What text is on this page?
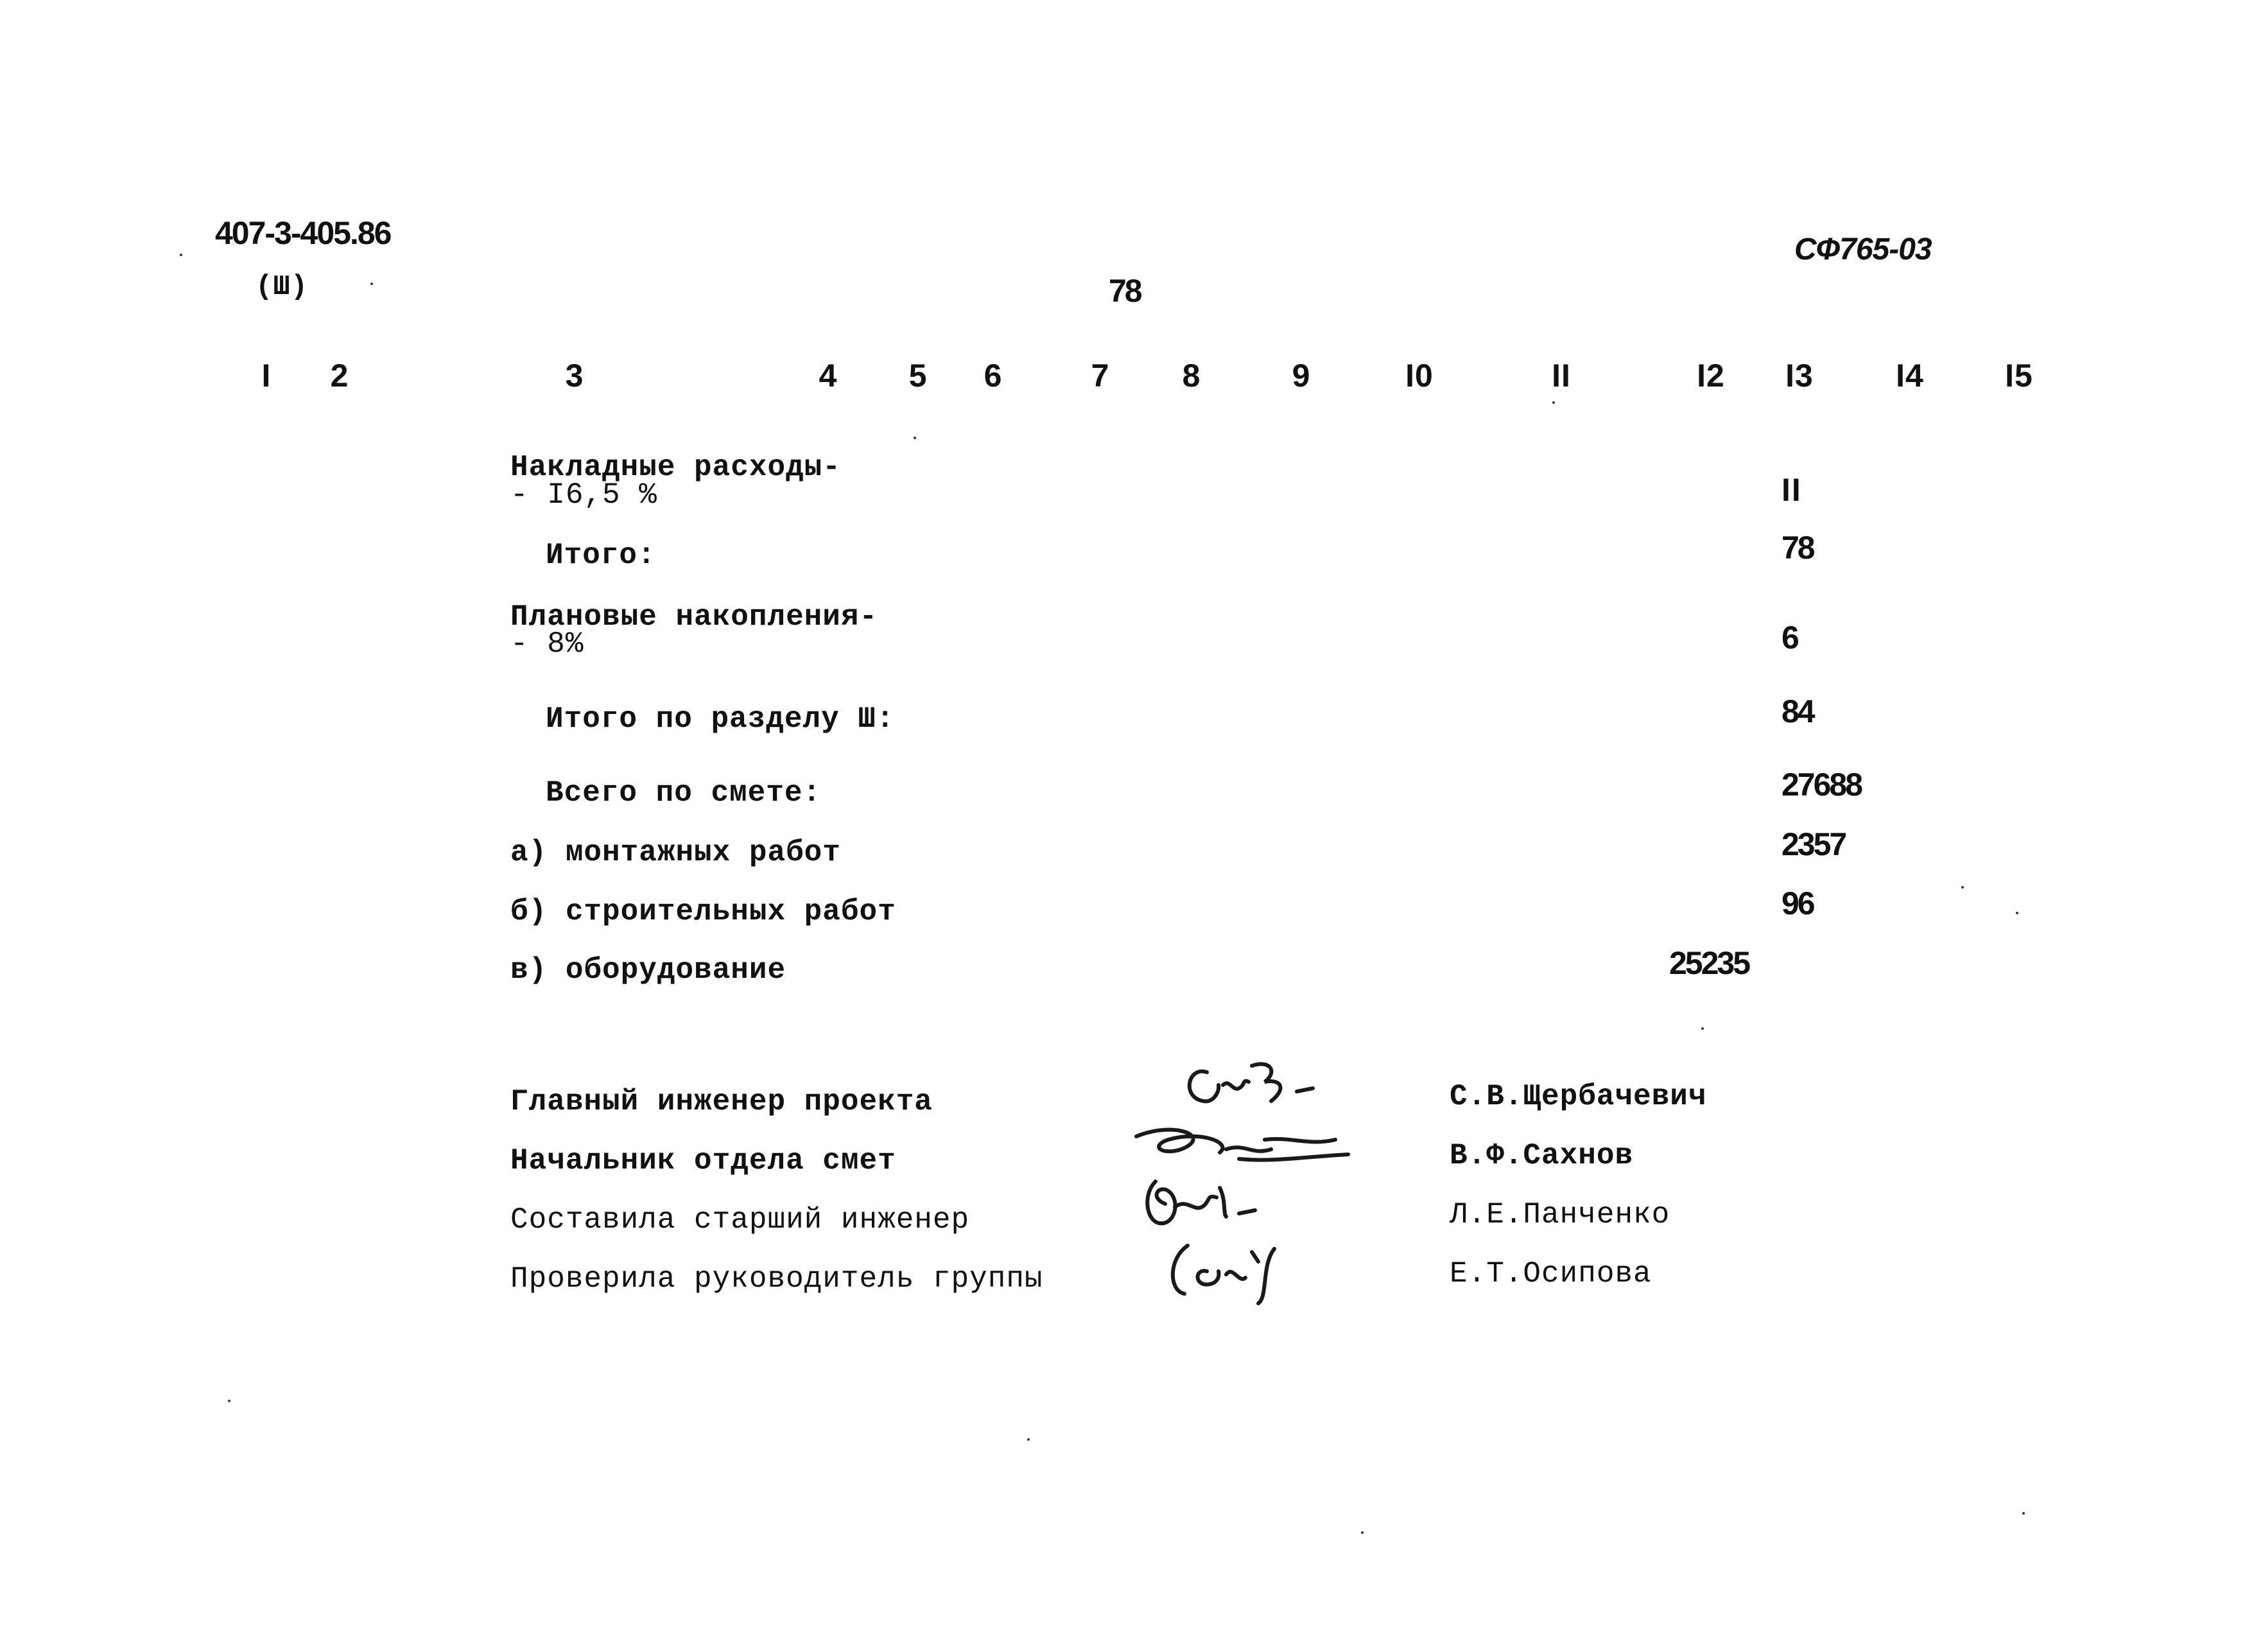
407-3-405.86
(Ш)	78
СФ765-03
I	2	3	4	5	6	7	8	9	I0	II	I2	I3	I4	I5
Накладные расходы-
- I6,5 %	II
Итого:	78
Плановые накопления-
- 8%	6
Итого по разделу Ш:	84
Всего по смете:	27688
а) монтажных работ	2357
б) строительных работ	96
в) оборудование	25235
Главный инженер проекта	С.В.Щербачевич
Начальник отдела смет	В.Ф.Сахнов
Составила старший инженер	Л.Е.Панченко
Проверила руководитель группы	Е.Т.Осипова
